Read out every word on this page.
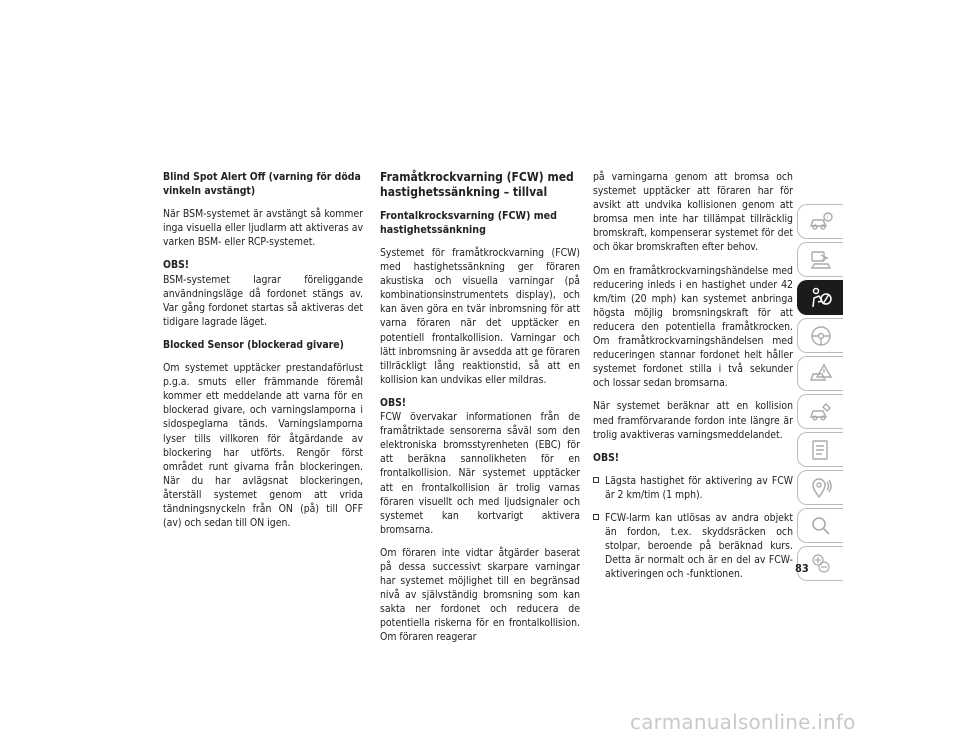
Blind Spot Alert Off (varning för döda vinkeln avstängt)

När BSM-systemet är avstängt så kommer inga visuella eller ljudlarm att aktiveras av varken BSM- eller RCP-systemet.

OBS!
BSM-systemet lagrar föreliggande användningsläge då fordonet stängs av. Var gång fordonet startas så aktiveras det tidigare lagrade läget.

Blocked Sensor (blockerad givare)

Om systemet upptäcker prestandaförlust p.g.a. smuts eller främmande föremål kommer ett meddelande att varna för en blockerad givare, och varningslamporna i sidospeglarna tänds. Varningslamporna lyser tills villkoren för åtgärdande av blockering har utförts. Rengör först området runt givarna från blockeringen. När du har avlägsnat blockeringen, återställ systemet genom att vrida tändningsnyckeln från ON (på) till OFF (av) och sedan till ON igen.

Framåtkrockvarning (FCW) med hastighetssänkning – tillval

Frontalkrocksvarning (FCW) med hastighetssänkning

Systemet för framåtkrockvarning (FCW) med hastighetssänkning ger föraren akustiska och visuella varningar (på kombinationsinstrumentets display), och kan även göra en tvär inbromsning för att varna föraren när det upptäcker en potentiell frontalkollision. Varningar och lätt inbromsning är avsedda att ge föraren tillräckligt lång reaktionstid, så att en kollision kan undvikas eller mildras.

OBS!
FCW övervakar informationen från de framåtriktade sensorerna såväl som den elektroniska bromsstyrenheten (EBC) för att beräkna sannolikheten för en frontalkollision. När systemet upptäcker att en frontalkollision är trolig varnas föraren visuellt och med ljudsignaler och systemet kan kortvarigt aktivera bromsarna.

Om föraren inte vidtar åtgärder baserat på dessa successivt skarpare varningar har systemet möjlighet till en begränsad nivå av självständig bromsning som kan sakta ner fordonet och reducera de potentiella riskerna för en frontalkollision. Om föraren reagerar

på varningarna genom att bromsa och systemet upptäcker att föraren har för avsikt att undvika kollisionen genom att bromsa men inte har tillämpat tillräcklig bromskraft, kompenserar systemet för det och ökar bromskraften efter behov.

Om en framåtkrockvarningshändelse med reducering inleds i en hastighet under 42 km/tim (20 mph) kan systemet anbringa högsta möjlig bromsningskraft för att reducera den potentiella framåtkrocken. Om framåtkrockvarningshändelsen med reduceringen stannar fordonet helt håller systemet fordonet stilla i två sekunder och lossar sedan bromsarna.

När systemet beräknar att en kollision med framförvarande fordon inte längre är trolig avaktiveras varningsmeddelandet.

OBS!

Lägsta hastighet för aktivering av FCW är 2 km/tim (1 mph).
FCW-larm kan utlösas av andra objekt än fordon, t.ex. skyddsräcken och stolpar, beroende på beräknad kurs. Detta är normalt och är en del av FCW-aktiveringen och -funktionen.
i
83
carmanualsonline.info
